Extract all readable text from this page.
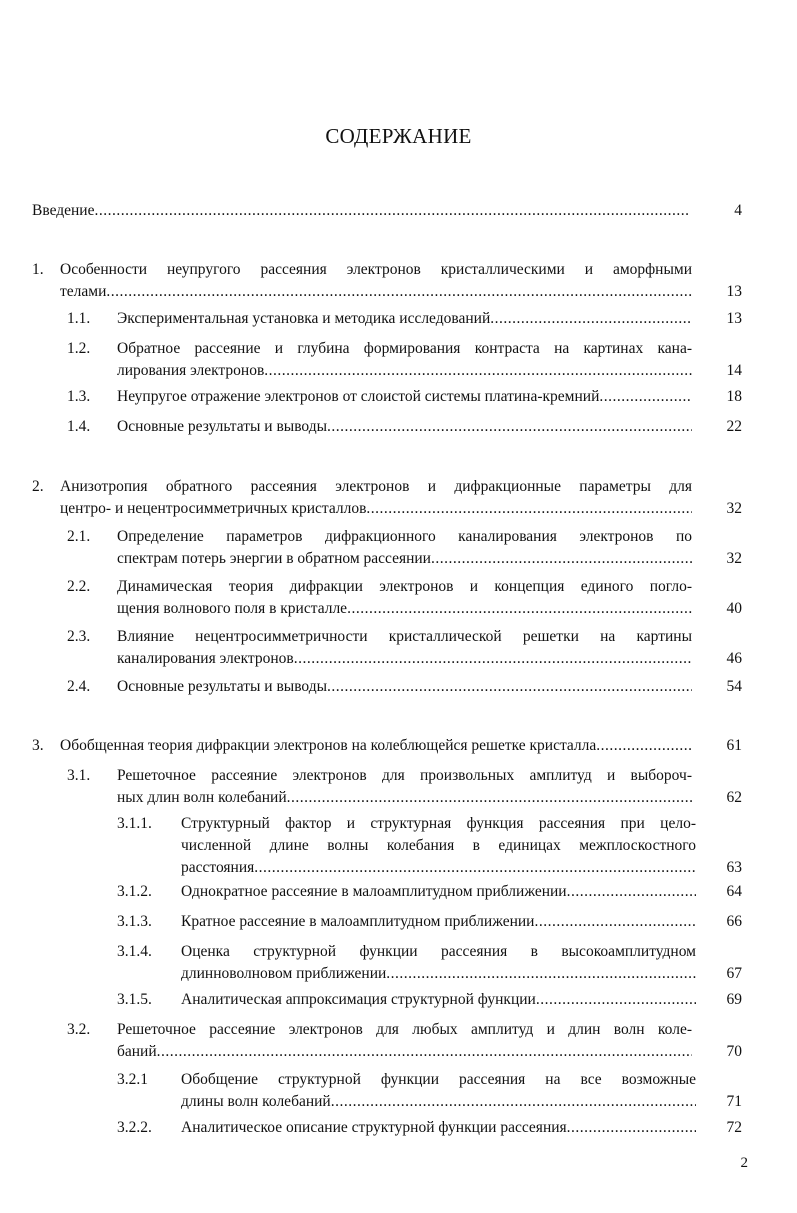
СОДЕРЖАНИЕ
Введение .....	4
1. Особенности неупругого рассеяния электронов кристаллическими и аморфными
телами .....	13
1.1. Экспериментальная установка и методика исследований .....	13
1.2. Обратное рассеяние и глубина формирования контраста на картинах кана-
лирования электронов .....	14
1.3. Неупругое отражение электронов от слоистой системы платина-кремний .....	18
1.4. Основные результаты и выводы .....	22
2. Анизотропия обратного рассеяния электронов и дифракционные параметры для
центро- и нецентросимметричных кристаллов .....	32
2.1. Определение параметров дифракционного каналирования электронов по
спектрам потерь энергии в обратном рассеянии .....	32
2.2. Динамическая теория дифракции электронов и концепция единого погло-
щения волнового поля в кристалле .....	40
2.3. Влияние нецентросимметричности кристаллической решетки на картины
каналирования электронов .....	46
2.4. Основные результаты и выводы .....	54
3. Обобщенная теория дифракции электронов на колеблющейся решетке кристалла .....	61
3.1. Решеточное рассеяние электронов для произвольных амплитуд и выбороч-
ных длин волн колебаний .....	62
3.1.1. Структурный фактор и структурная функция рассеяния при цело-
численной длине волны колебания в единицах межплоскостного
расстояния .....	63
3.1.2. Однократное рассеяние в малоамплитудном приближении .....	64
3.1.3. Кратное рассеяние в малоамплитудном приближении .....	66
3.1.4. Оценка структурной функции рассеяния в высокоамплитудном
длинноволновом приближении .....	67
3.1.5. Аналитическая аппроксимация структурной функции .....	69
3.2. Решеточное рассеяние электронов для любых амплитуд и длин волн коле-
баний .....	70
3.2.1 Обобщение структурной функции рассеяния на все возможные
длины волн колебаний .....	71
3.2.2. Аналитическое описание структурной функции рассеяния .....	72
2
